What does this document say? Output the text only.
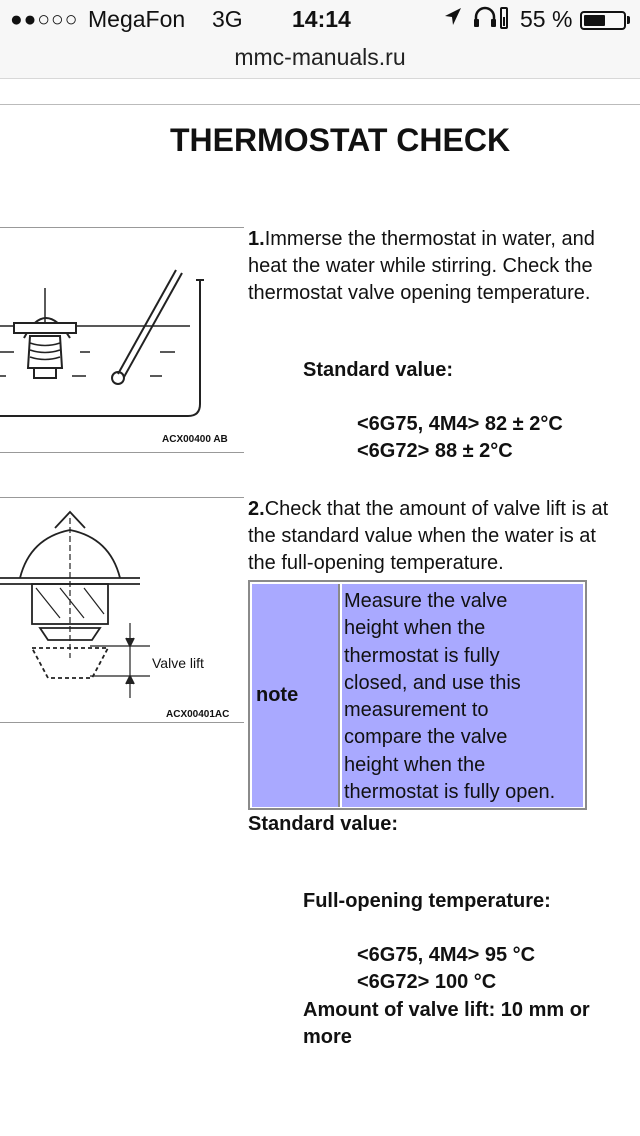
●●○○○ MegaFon 3G 14:14	55 %
mmc-manuals.ru
THERMOSTAT CHECK
ACX00400 AB
Valve lift
ACX00401AC
1.Immerse the thermostat in water, and
heat the water while stirring. Check the
thermostat valve opening temperature.
Standard value:
<6G75, 4M4> 82 ± 2°C
<6G72> 88 ± 2°C
2.Check that the amount of valve lift is at
the standard value when the water is at
the full-opening temperature.
note
Measure the valve
height when the
thermostat is fully
closed, and use this
measurement to
compare the valve
height when the
thermostat is fully open.
Standard value:
Full-opening temperature:
<6G75, 4M4> 95 °C
<6G72> 100 °C
Amount of valve lift: 10 mm or
more
